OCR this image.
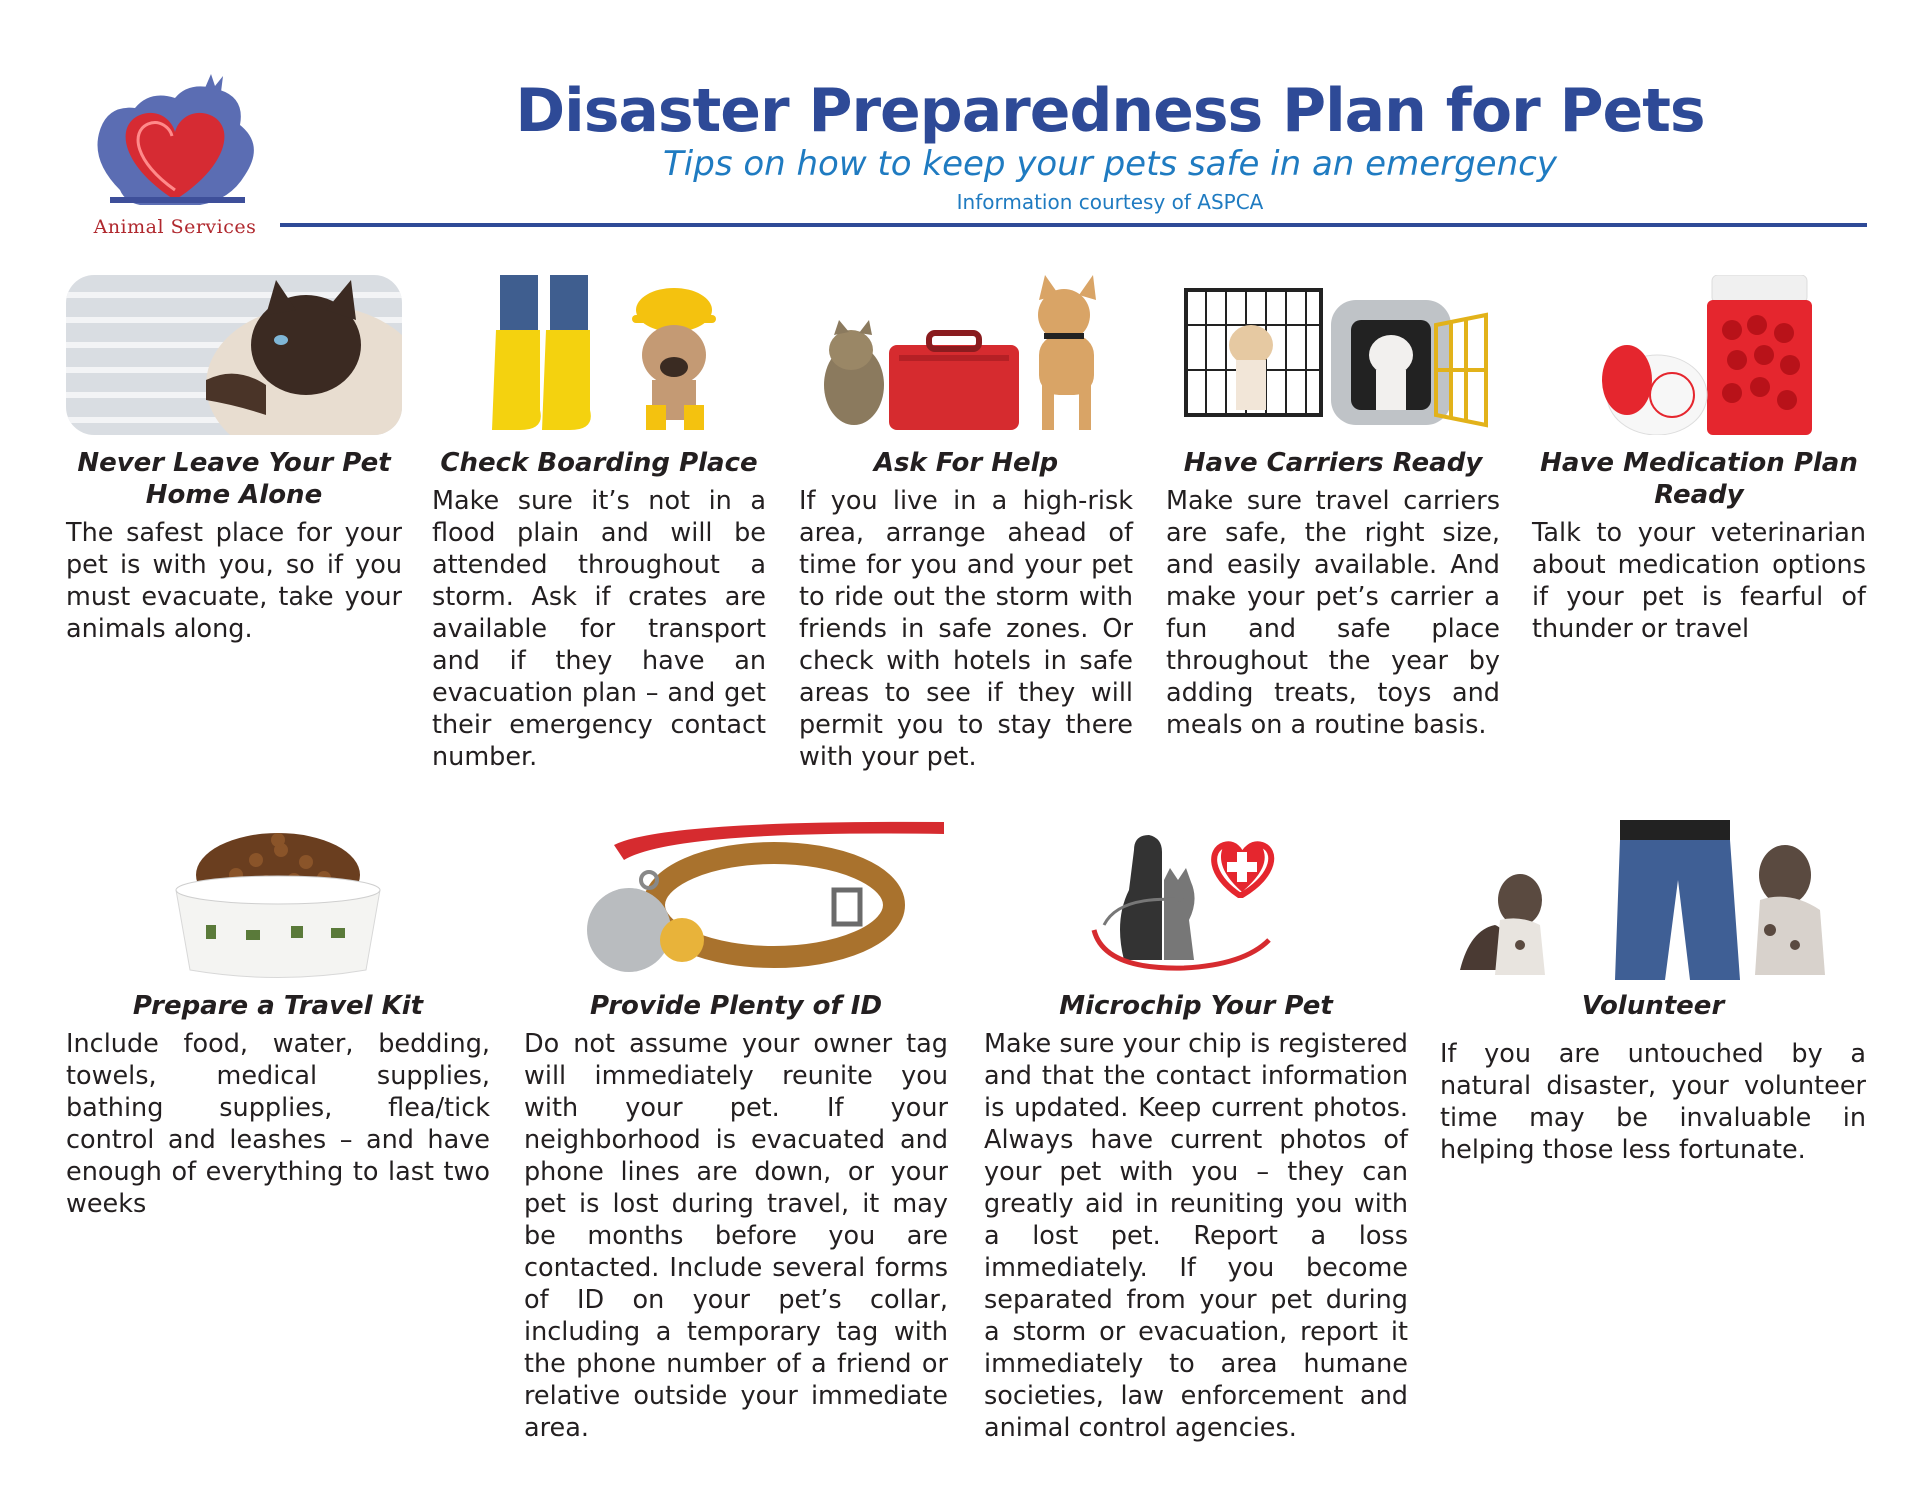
Animal Services
Disaster Preparedness Plan for Pets
Tips on how to keep your pets safe in an emergency
Information courtesy of ASPCA
Never Leave Your Pet Home Alone

The safest place for your pet is with you, so if you must evacuate, take your animals along.

Check Boarding Place

Make sure it’s not in a flood plain and will be attended throughout a storm. Ask if crates are available for transport and if they have an evacuation plan – and get their emergency contact number.

Ask For Help

If you live in a high-risk area, arrange ahead of time for you and your pet to ride out the storm with friends in safe zones. Or check with hotels in safe areas to see if they will permit you to stay there with your pet.

Have Carriers Ready

Make sure travel carriers are safe, the right size, and easily available. And make your pet’s carrier a fun and safe place throughout the year by adding treats, toys and meals on a routine basis.

Have Medication Plan Ready

Talk to your veterinarian about medication options if your pet is fearful of thunder or travel

Prepare a Travel Kit

Include food, water, bedding, towels, medical supplies, bathing supplies, flea/tick control and leashes – and have enough of everything to last two weeks

Provide Plenty of ID

Do not assume your owner tag will immediately reunite you with your pet. If your neighborhood is evacuated and phone lines are down, or your pet is lost during travel, it may be months before you are contacted. Include several forms of ID on your pet’s collar, including a temporary tag with the phone number of a friend or relative outside your immediate area.

Microchip Your Pet

Make sure your chip is registered and that the contact information is updated. Keep current photos. Always have current photos of your pet with you – they can greatly aid in reuniting you with a lost pet. Report a loss immediately. If you become separated from your pet during a storm or evacuation, report it immediately to area humane societies, law enforcement and animal control agencies.

Volunteer

If you are untouched by a natural disaster, your volunteer time may be invaluable in helping those less fortunate.
